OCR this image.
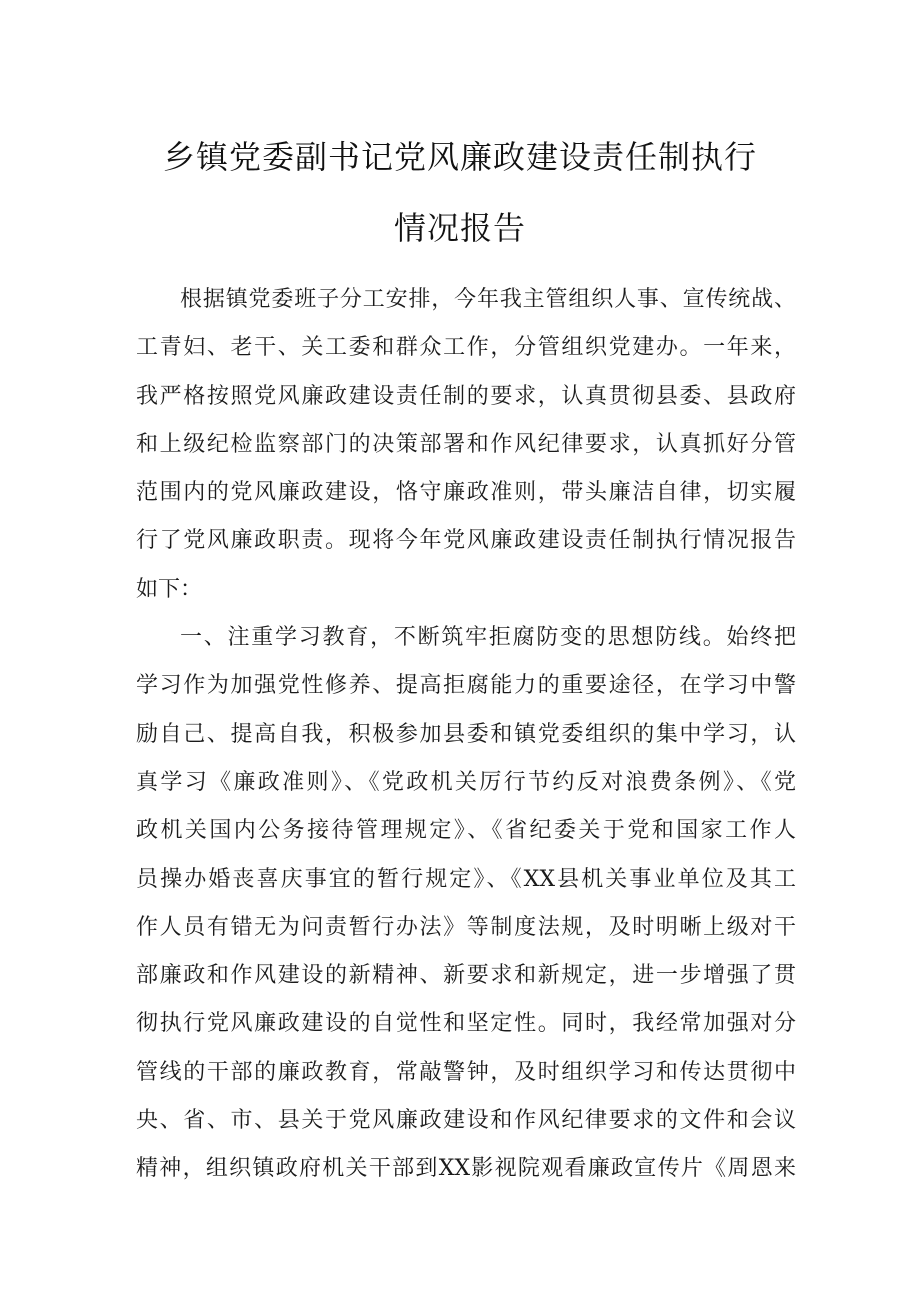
乡镇党委副书记党风廉政建设责任制执行
情况报告
根据镇党委班子分工安排，今年我主管组织人事、宣传统战、
工青妇、老干、关工委和群众工作，分管组织党建办。一年来，
我严格按照党风廉政建设责任制的要求，认真贯彻县委、县政府
和上级纪检监察部门的决策部署和作风纪律要求，认真抓好分管
范围内的党风廉政建设，恪守廉政准则，带头廉洁自律，切实履
行了党风廉政职责。现将今年党风廉政建设责任制执行情况报告
如下：
一、注重学习教育，不断筑牢拒腐防变的思想防线。始终把
学习作为加强党性修养、提高拒腐能力的重要途径，在学习中警
励自己、提高自我，积极参加县委和镇党委组织的集中学习，认
真学习《廉政准则》、《党政机关厉行节约反对浪费条例》、《党
政机关国内公务接待管理规定》、《省纪委关于党和国家工作人
员操办婚丧喜庆事宜的暂行规定》、《XX县机关事业单位及其工
作人员有错无为问责暂行办法》等制度法规，及时明晰上级对干
部廉政和作风建设的新精神、新要求和新规定，进一步增强了贯
彻执行党风廉政建设的自觉性和坚定性。同时，我经常加强对分
管线的干部的廉政教育，常敲警钟，及时组织学习和传达贯彻中
央、省、市、县关于党风廉政建设和作风纪律要求的文件和会议
精神，组织镇政府机关干部到XX影视院观看廉政宣传片《周恩来
